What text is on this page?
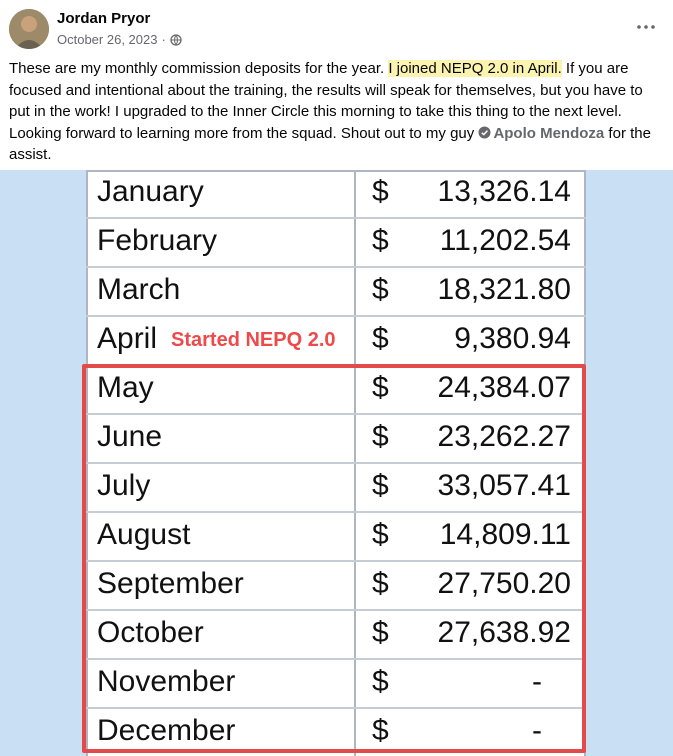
Jordan Pryor
October 26, 2023 ·
These are my monthly commission deposits for the year. I joined NEPQ 2.0 in April. If you are focused and intentional about the training, the results will speak for themselves, but you have to put in the work! I upgraded to the Inner Circle this morning to take this thing to the next level. Looking forward to learning more from the squad. Shout out to my guy Apolo Mendoza for the assist.
January	$ 13,326.14
February	$ 11,202.54
March	$ 18,321.80
April Started NEPQ 2.0 $ 9,380.94
May	$ 24,384.07
June	$ 23,262.27
July	$ 33,057.41
August	$ 14,809.11
September	$ 27,750.20
October	$ 27,638.92
November	$	-
December	$	-
